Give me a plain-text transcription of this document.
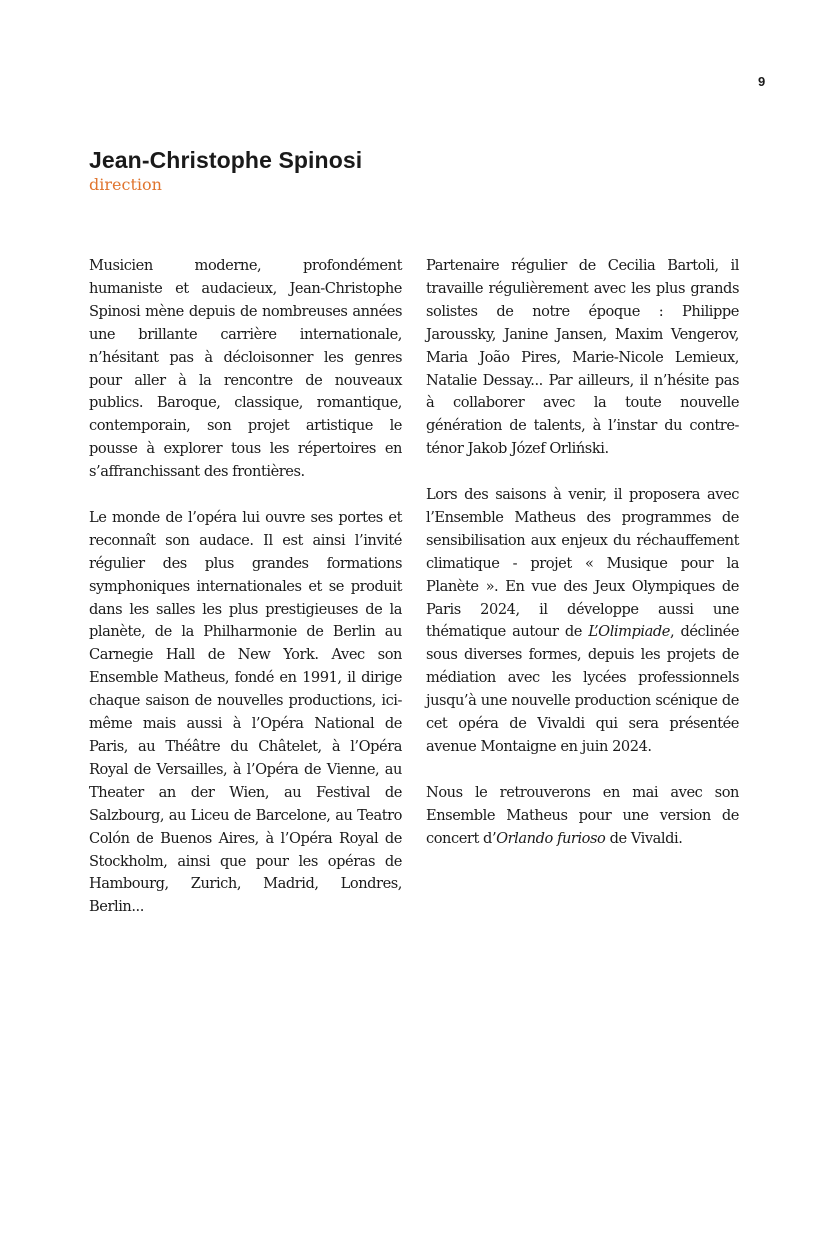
9
Jean-Christophe Spinosi
direction

Musicien moderne, profondément humaniste et audacieux, Jean-Christophe Spinosi mène depuis de nombreuses années une brillante carrière internationale, n’hésitant pas à décloisonner les genres pour aller à la rencontre de nouveaux publics. Baroque, classique, romantique, contemporain, son projet artistique le pousse à explorer tous les répertoires en s’affranchissant des frontières.

Le monde de l’opéra lui ouvre ses portes et reconnaît son audace. Il est ainsi l’invité régulier des plus grandes formations symphoniques internationales et se produit dans les salles les plus prestigieuses de la planète, de la Philharmonie de Berlin au Carnegie Hall de New York. Avec son Ensemble Matheus, fondé en 1991, il dirige chaque saison de nouvelles productions, ici-même mais aussi à l’Opéra National de Paris, au Théâtre du Châtelet, à l’Opéra Royal de Versailles, à l’Opéra de Vienne, au Theater an der Wien, au Festival de Salzbourg, au Liceu de Barcelone, au Teatro Colón de Buenos Aires, à l’Opéra Royal de Stockholm, ainsi que pour les opéras de Hambourg, Zurich, Madrid, Londres, Berlin...

Partenaire régulier de Cecilia Bartoli, il travaille régulièrement avec les plus grands solistes de notre époque : Philippe Jaroussky, Janine Jansen, Maxim Vengerov, Maria João Pires, Marie-Nicole Lemieux, Natalie Dessay... Par ailleurs, il n’hésite pas à collaborer avec la toute nouvelle génération de talents, à l’instar du contre-ténor Jakob Józef Orliński.

Lors des saisons à venir, il proposera avec l’Ensemble Matheus des programmes de sensibilisation aux enjeux du réchauffement climatique - projet « Musique pour la Planète ». En vue des Jeux Olympiques de Paris 2024, il développe aussi une thématique autour de L’Olimpiade, déclinée sous diverses formes, depuis les projets de médiation avec les lycées professionnels jusqu’à une nouvelle production scénique de cet opéra de Vivaldi qui sera présentée avenue Montaigne en juin 2024.

Nous le retrouverons en mai avec son Ensemble Matheus pour une version de concert d’Orlando furioso de Vivaldi.
